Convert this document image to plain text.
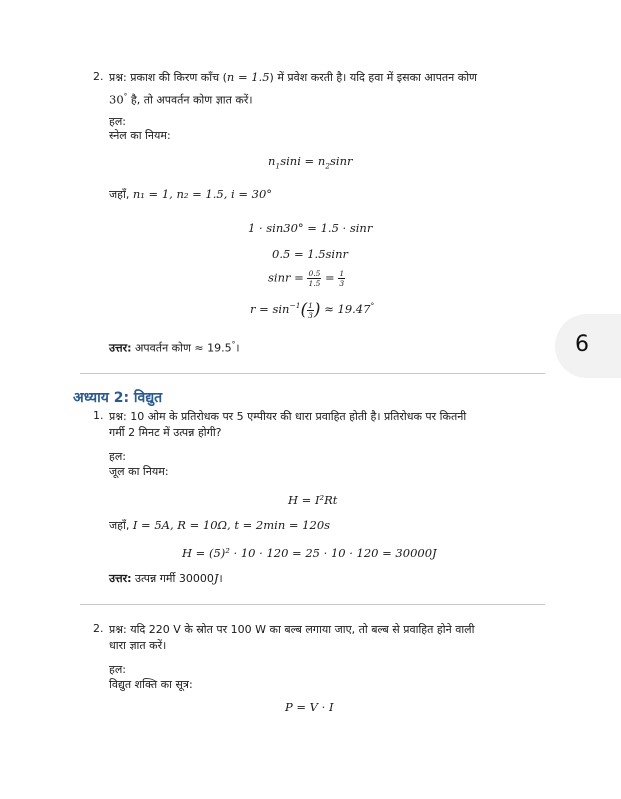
2. प्रश्न: प्रकाश की किरण काँच (n = 1.5) में प्रवेश करती है। यदि हवा में इसका आपतन कोण
30° है, तो अपवर्तन कोण ज्ञात करें।
हल:
स्नेल का नियम:
$n_1\sin i = n_2\sin r$
जहाँ, n₁ = 1, n₂ = 1.5, i = 30°
1 · sin30° = 1.5 · sinr
0.5 = 1.5sinr
$\sin r = \frac{0.5}{1.5} = \frac{1}{3}$
$r = \sin^{-1}( \frac{1}{3}$ ) ≈ 19.47°
उत्तर: अपवर्तन कोण ≈ 19.5°।	6
अध्याय 2: विद्युत
1. प्रश्न: 10 ओम के प्रतिरोधक पर 5 एम्पीयर की धारा प्रवाहित होती है। प्रतिरोधक पर कितनी
गर्मी 2 मिनट में उत्पन्न होगी?
हल:
जूल का नियम:
H = I²Rt
जहाँ, I = 5A, R = 10Ω, t = 2min = 120s
H = (5)² · 10 · 120 = 25 · 10 · 120 = 30000J
उत्तर: उत्पन्न गर्मी 30000J।
2. प्रश्न: यदि 220 V के स्रोत पर 100 W का बल्ब लगाया जाए, तो बल्ब से प्रवाहित होने वाली
धारा ज्ञात करें।
हल:
विद्युत शक्ति का सूत्र:
P = V · I
